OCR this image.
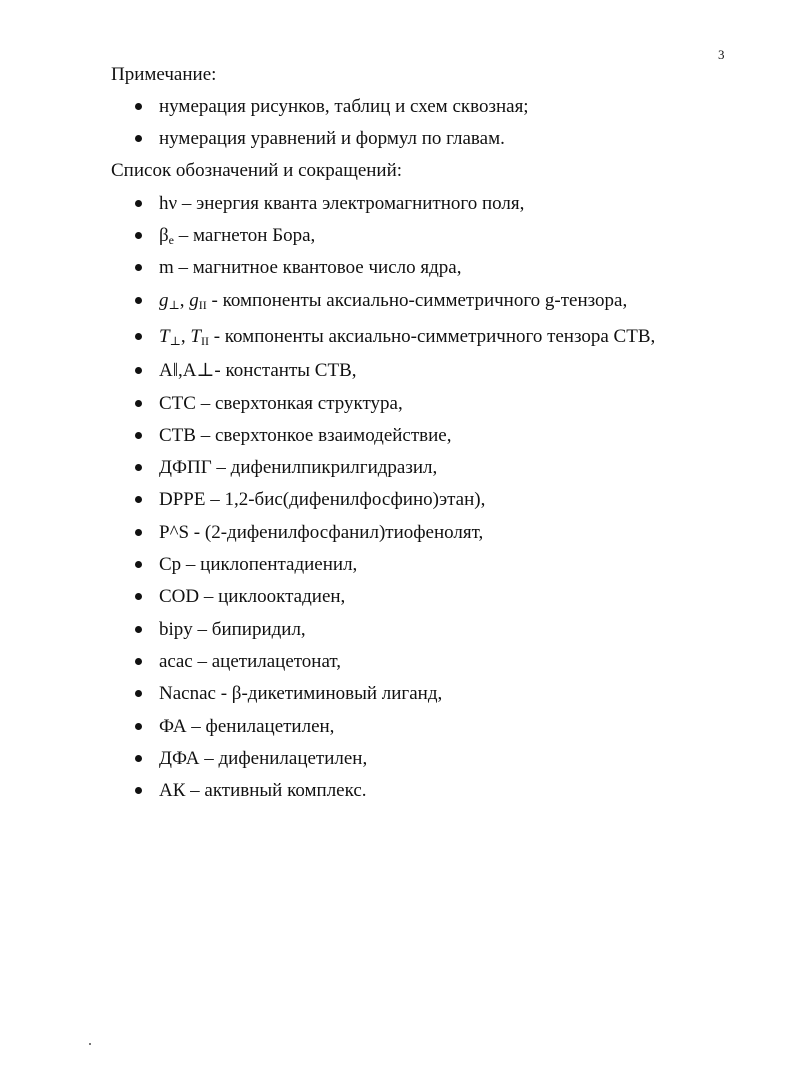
3
Примечание:
нумерация рисунков, таблиц и схем сквозная;
нумерация уравнений и формул по главам.
Список обозначений и сокращений:
hν – энергия кванта электромагнитного поля,
$\beta_e$ – магнетон Бора,
m – магнитное квантовое число ядра,
$g_\perp$, $g_{II}$ - компоненты аксиально-симметричного g-тензора,
$T_\perp$, $T_{II}$ - компоненты аксиально-симметричного тензора СТВ,
A‖,A⊥- константы СТВ,
СТС – сверхтонкая структура,
СТВ – сверхтонкое взаимодействие,
ДФПГ – дифенилпикрилгидразил,
DPPE – 1,2-бис(дифенилфосфино)этан),
P^S - (2-дифенилфосфанил)тиофенолят,
Cp – циклопентадиенил,
COD – циклооктадиен,
bipy – бипиридил,
acac – ацетилацетонат,
Nacnac - β-дикетиминовый лиганд,
ФА – фенилацетилен,
ДФА – дифенилацетилен,
АК – активный комплекс.
